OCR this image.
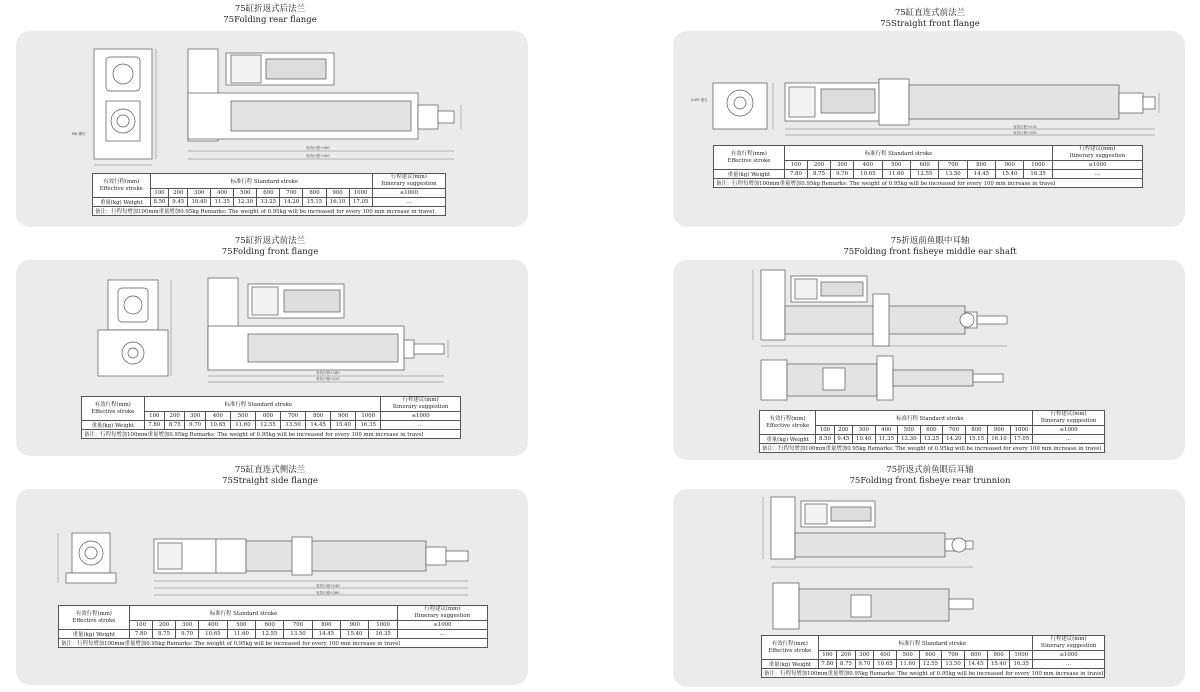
75缸折返式后法兰
75Folding rear flange
有效行程+160
有效行程+200
M8 螺纹
有效行程(mm)
Effective stroke	标准行程 Standard stroke										行程建议(mm)
Itinerary suggestion
	100	200	300	400	500	600	700	800	900	1000	≤1000
重量(kg) Weight	8.50	9.45	10.40	11.35	12.30	13.25	14.20	15.15	16.10	17.05	...
备注：行程每增加100mm重量增加0.95kg Remarks: The weight of 0.95kg will be increased for every 100 mm increase in travel											
75缸折返式前法兰
75Folding front flange
有效行程+180
有效行程+220
有效行程(mm)
Effective stroke	标准行程 Standard stroke										行程建议(mm)
Itinerary suggestion
	100	200	300	400	500	600	700	800	900	1000	≤1000
重量(kg) Weight	7.80	8.75	9.70	10.65	11.60	12.55	13.50	14.45	15.40	16.35	...
备注：行程每增加100mm重量增加0.95kg Remarks: The weight of 0.95kg will be increased for every 100 mm increase in travel											
75缸直连式侧法兰
75Straight side flange
有效行程+240
有效行程+280
有效行程(mm)
Effective stroke	标准行程 Standard stroke										行程建议(mm)
Itinerary suggestion
	100	200	300	400	500	600	700	800	900	1000	≤1000
重量(kg) Weight	7.80	8.75	9.70	10.65	11.60	12.55	13.50	14.45	15.40	16.35	...
备注：行程每增加100mm重量增加0.95kg Remarks: The weight of 0.95kg will be increased for every 100 mm increase in travel											
75缸直连式前法兰
75Straight front flange
有效行程+215
有效行程+255
4-Ø9 通孔
有效行程(mm)
Effective stroke	标准行程 Standard stroke										行程建议(mm)
Itinerary suggestion
	100	200	300	400	500	600	700	800	900	1000	≤1000
重量(kg) Weight	7.80	8.75	9.70	10.65	11.60	12.55	13.50	14.45	15.40	16.35	...
备注：行程每增加100mm重量增加0.95kg Remarks: The weight of 0.95kg will be increased for every 100 mm increase in travel											
75折返前鱼眼中耳轴
75Folding front fisheye middle ear shaft
有效行程(mm)
Effective stroke	标准行程 Standard stroke										行程建议(mm)
Itinerary suggestion
	100	200	300	400	500	600	700	800	900	1000	≤1000
重量(kg) Weight	8.50	9.45	10.40	11.35	12.30	13.25	14.20	15.15	16.10	17.05	...
备注：行程每增加100mm重量增加0.95kg Remarks: The weight of 0.95kg will be increased for every 100 mm increase in travel											
75折返式前鱼眼后耳轴
75Folding front fisheye rear trunnion
有效行程(mm)
Effective stroke	标准行程 Standard stroke										行程建议(mm)
Itinerary suggestion
	100	200	300	400	500	600	700	800	900	1000	≤1000
重量(kg) Weight	7.80	8.75	9.70	10.65	11.60	12.55	13.50	14.45	15.40	16.35	...
备注：行程每增加100mm重量增加0.95kg Remarks: The weight of 0.95kg will be increased for every 100 mm increase in travel											
